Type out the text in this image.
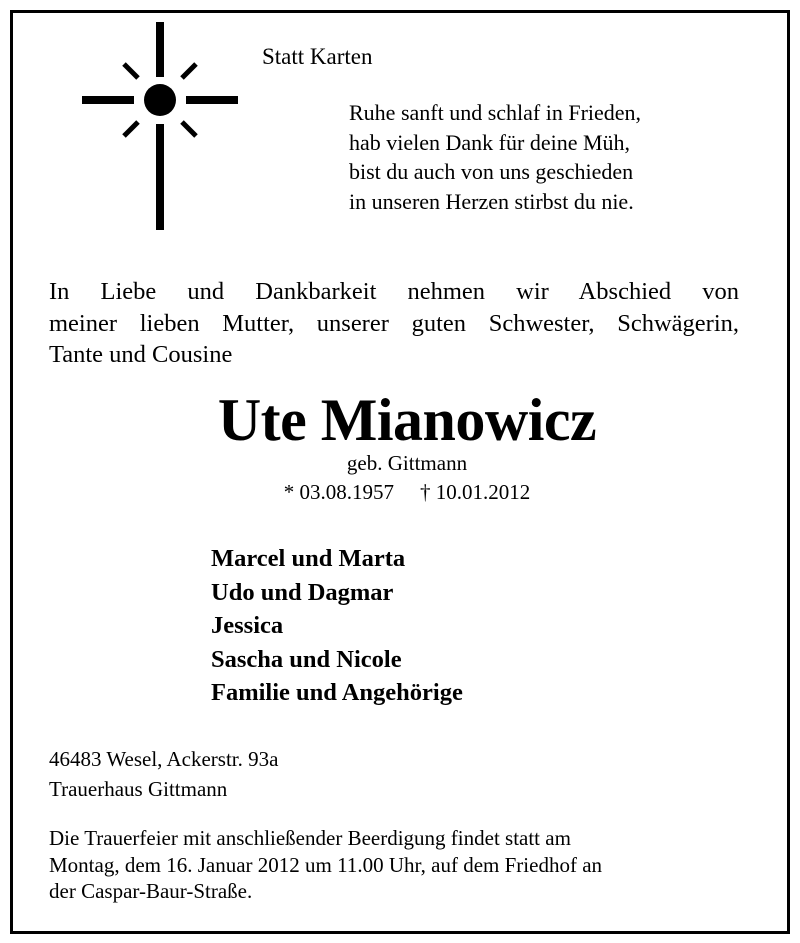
Statt Karten
Ruhe sanft und schlaf in Frieden,
hab vielen Dank für deine Müh,
bist du auch von uns geschieden
in unseren Herzen stirbst du nie.
In Liebe und Dankbarkeit nehmen wir Abschied von
meiner lieben Mutter, unserer guten Schwester, Schwägerin,
Tante und Cousine
Ute Mianowicz
geb. Gittmann
* 03.08.1957 † 10.01.2012
Marcel und Marta
Udo und Dagmar
Jessica
Sascha und Nicole
Familie und Angehörige
46483 Wesel, Ackerstr. 93a
Trauerhaus Gittmann
Die Trauerfeier mit anschließender Beerdigung findet statt am
Montag, dem 16. Januar 2012 um 11.00 Uhr, auf dem Friedhof an
der Caspar-Baur-Straße.
